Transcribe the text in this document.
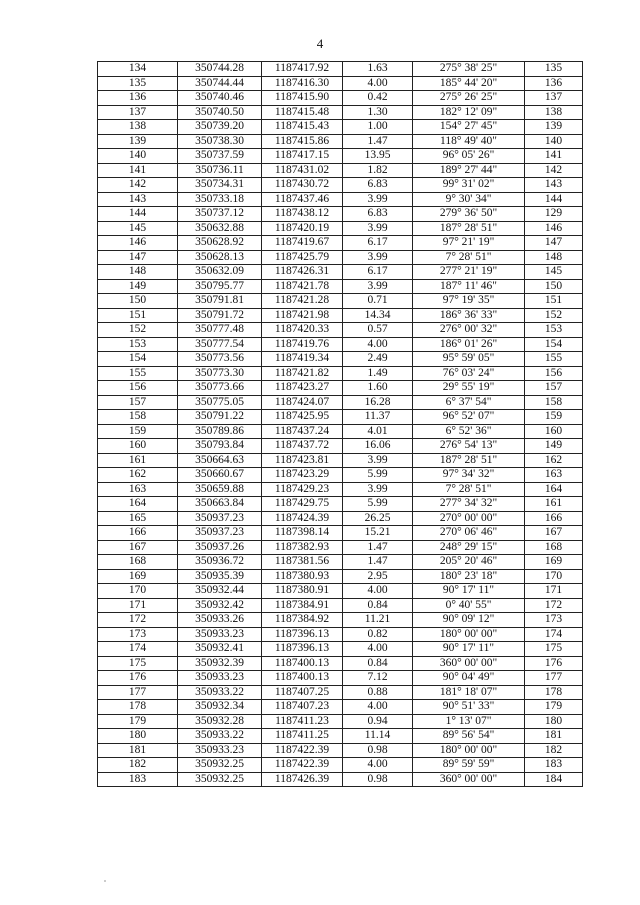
4
134	350744.28	1187417.92	1.63	275° 38' 25"	135
135	350744.44	1187416.30	4.00	185° 44' 20"	136
136	350740.46	1187415.90	0.42	275° 26' 25"	137
137	350740.50	1187415.48	1.30	182° 12' 09"	138
138	350739.20	1187415.43	1.00	154° 27' 45"	139
139	350738.30	1187415.86	1.47	118° 49' 40"	140
140	350737.59	1187417.15	13.95	96° 05' 26"	141
141	350736.11	1187431.02	1.82	189° 27' 44"	142
142	350734.31	1187430.72	6.83	99° 31' 02"	143
143	350733.18	1187437.46	3.99	9° 30' 34"	144
144	350737.12	1187438.12	6.83	279° 36' 50"	129
145	350632.88	1187420.19	3.99	187° 28' 51"	146
146	350628.92	1187419.67	6.17	97° 21' 19"	147
147	350628.13	1187425.79	3.99	7° 28' 51"	148
148	350632.09	1187426.31	6.17	277° 21' 19"	145
149	350795.77	1187421.78	3.99	187° 11' 46"	150
150	350791.81	1187421.28	0.71	97° 19' 35"	151
151	350791.72	1187421.98	14.34	186° 36' 33"	152
152	350777.48	1187420.33	0.57	276° 00' 32"	153
153	350777.54	1187419.76	4.00	186° 01' 26"	154
154	350773.56	1187419.34	2.49	95° 59' 05"	155
155	350773.30	1187421.82	1.49	76° 03' 24"	156
156	350773.66	1187423.27	1.60	29° 55' 19"	157
157	350775.05	1187424.07	16.28	6° 37' 54"	158
158	350791.22	1187425.95	11.37	96° 52' 07"	159
159	350789.86	1187437.24	4.01	6° 52' 36"	160
160	350793.84	1187437.72	16.06	276° 54' 13"	149
161	350664.63	1187423.81	3.99	187° 28' 51"	162
162	350660.67	1187423.29	5.99	97° 34' 32"	163
163	350659.88	1187429.23	3.99	7° 28' 51"	164
164	350663.84	1187429.75	5.99	277° 34' 32"	161
165	350937.23	1187424.39	26.25	270° 00' 00"	166
166	350937.23	1187398.14	15.21	270° 06' 46"	167
167	350937.26	1187382.93	1.47	248° 29' 15"	168
168	350936.72	1187381.56	1.47	205° 20' 46"	169
169	350935.39	1187380.93	2.95	180° 23' 18"	170
170	350932.44	1187380.91	4.00	90° 17' 11"	171
171	350932.42	1187384.91	0.84	0° 40' 55"	172
172	350933.26	1187384.92	11.21	90° 09' 12"	173
173	350933.23	1187396.13	0.82	180° 00' 00"	174
174	350932.41	1187396.13	4.00	90° 17' 11"	175
175	350932.39	1187400.13	0.84	360° 00' 00"	176
176	350933.23	1187400.13	7.12	90° 04' 49"	177
177	350933.22	1187407.25	0.88	181° 18' 07"	178
178	350932.34	1187407.23	4.00	90° 51' 33"	179
179	350932.28	1187411.23	0.94	1° 13' 07"	180
180	350933.22	1187411.25	11.14	89° 56' 54"	181
181	350933.23	1187422.39	0.98	180° 00' 00"	182
182	350932.25	1187422.39	4.00	89° 59' 59"	183
183	350932.25	1187426.39	0.98	360° 00' 00"	184
